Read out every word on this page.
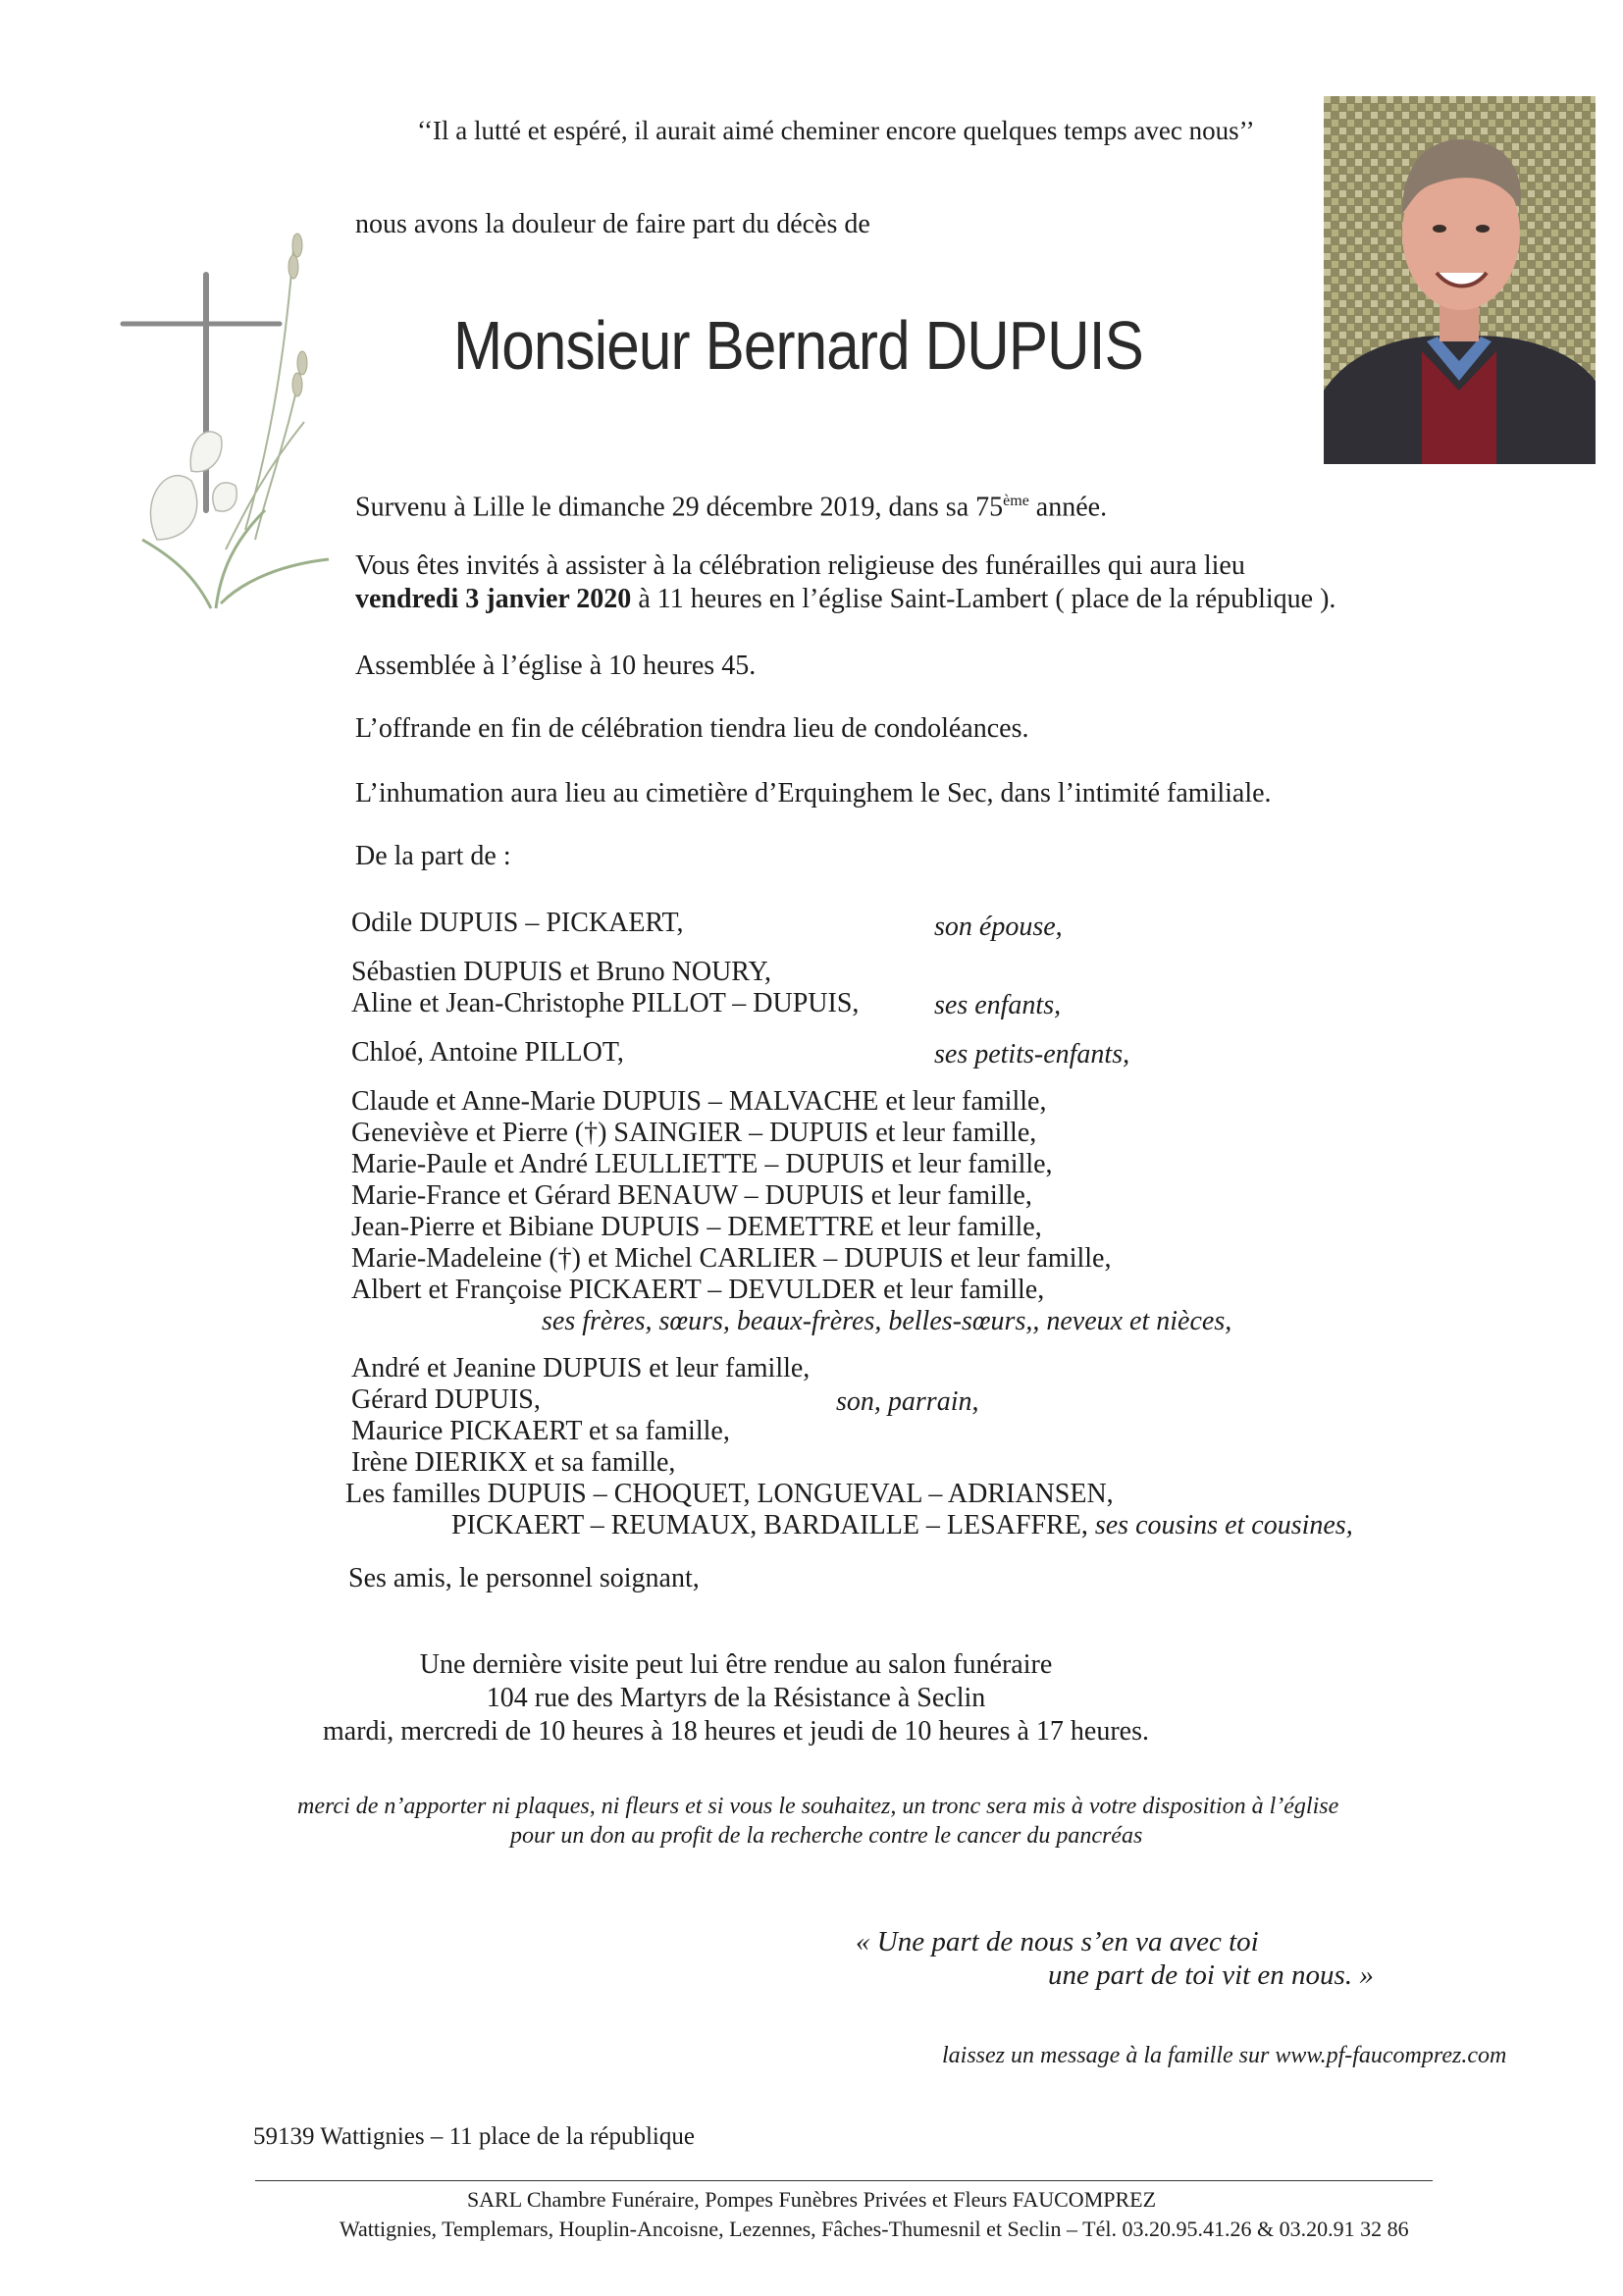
‘‘Il a lutté et espéré, il aurait aimé cheminer encore quelques temps avec nous’’

nous avons la douleur de faire part du décès de

Monsieur Bernard DUPUIS

Survenu à Lille le dimanche 29 décembre 2019, dans sa 75ème année.

Vous êtes invités à assister à la célébration religieuse des funérailles qui aura lieu

vendredi 3 janvier 2020 à 11 heures en l’église Saint-Lambert ( place de la république ).

Assemblée à l’église à 10 heures 45.

L’offrande en fin de célébration tiendra lieu de condoléances.

L’inhumation aura lieu au cimetière d’Erquinghem le Sec, dans l’intimité familiale.

De la part de :

Odile DUPUIS – PICKAERT,	son épouse,

Sébastien DUPUIS et Bruno NOURY,

Aline et Jean-Christophe PILLOT – DUPUIS,	ses enfants,

Chloé, Antoine PILLOT,	ses petits-enfants,

Claude et Anne-Marie DUPUIS – MALVACHE et leur famille,

Geneviève et Pierre (†) SAINGIER – DUPUIS et leur famille,

Marie-Paule et André LEULLIETTE – DUPUIS et leur famille,

Marie-France et Gérard BENAUW – DUPUIS et leur famille,

Jean-Pierre et Bibiane DUPUIS – DEMETTRE et leur famille,

Marie-Madeleine (†) et Michel CARLIER – DUPUIS et leur famille,

Albert et Françoise PICKAERT – DEVULDER et leur famille,

ses frères, sœurs, beaux-frères, belles-sœurs,, neveux et nièces,

André et Jeanine DUPUIS et leur famille,

Gérard DUPUIS,	son, parrain,

Maurice PICKAERT et sa famille,

Irène DIERIKX et sa famille,

Les familles DUPUIS – CHOQUET, LONGUEVAL – ADRIANSEN,

PICKAERT – REUMAUX, BARDAILLE – LESAFFRE, ses cousins et cousines,

Ses amis, le personnel soignant,

Une dernière visite peut lui être rendue au salon funéraire

104 rue des Martyrs de la Résistance à Seclin

mardi, mercredi de 10 heures à 18 heures et jeudi de 10 heures à 17 heures.

merci de n’apporter ni plaques, ni fleurs et si vous le souhaitez, un tronc sera mis à votre disposition à l’église

pour un don au profit de la recherche contre le cancer du pancréas

« Une part de nous s’en va avec toi

une part de toi vit en nous. »

laissez un message à la famille sur www.pf-faucomprez.com

59139 Wattignies – 11 place de la république

SARL Chambre Funéraire, Pompes Funèbres Privées et Fleurs FAUCOMPREZ

Wattignies, Templemars, Houplin-Ancoisne, Lezennes, Fâches-Thumesnil et Seclin – Tél. 03.20.95.41.26 & 03.20.91 32 86
